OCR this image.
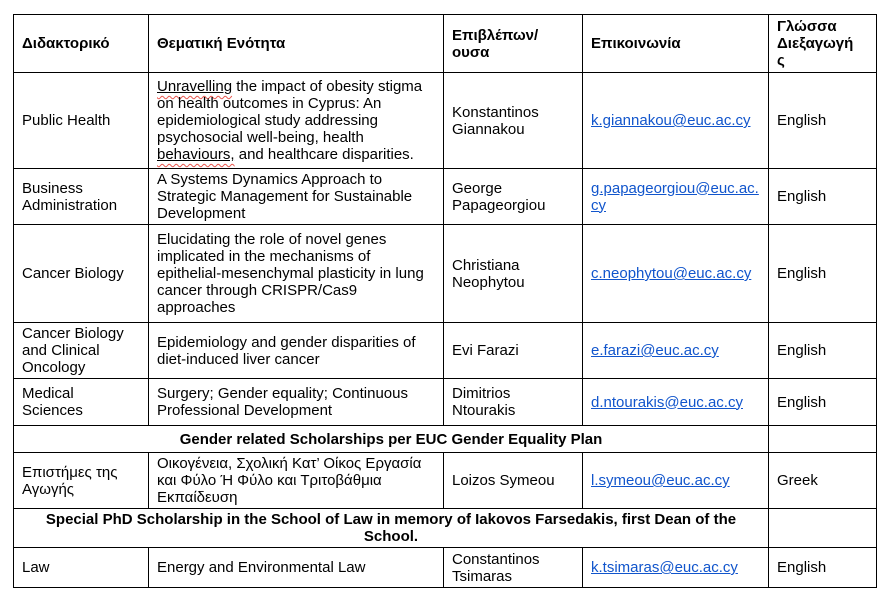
Διδακτορικό	Θεματική Ενότητα	Επιβλέπων/ουσα	Επικοινωνία	Γλώσσα Διεξαγωγής
Public Health	Unravelling the impact of obesity stigma on health outcomes in Cyprus: An epidemiological study addressing psychosocial well-being, health behaviours, and healthcare disparities.	Konstantinos Giannakou	k.giannakou@euc.ac.cy	English
Business Administration	A Systems Dynamics Approach to Strategic Management for Sustainable Development	George Papageorgiou	g.papageorgiou@euc.ac.cy	English
Cancer Biology	Elucidating the role of novel genes implicated in the mechanisms of epithelial-mesenchymal plasticity in lung cancer through CRISPR/Cas9 approaches	Christiana Neophytou	c.neophytou@euc.ac.cy	English
Cancer Biology and Clinical Oncology	Epidemiology and gender disparities of diet-induced liver cancer	Evi Farazi	e.farazi@euc.ac.cy	English
Medical Sciences	Surgery; Gender equality; Continuous Professional Development	Dimitrios Ntourakis	d.ntourakis@euc.ac.cy	English
Gender related Scholarships per EUC Gender Equality Plan				
Επιστήμες της Αγωγής	Οικογένεια, Σχολική Κατ’ Οίκος Εργασία και Φύλο Ή Φύλο και Τριτοβάθμια Εκπαίδευση	Loizos Symeou	l.symeou@euc.ac.cy	Greek
Special PhD Scholarship in the School of Law in memory of Iakovos Farsedakis, first Dean of the School.				
Law	Energy and Environmental Law	Constantinos Tsimaras	k.tsimaras@euc.ac.cy	English
